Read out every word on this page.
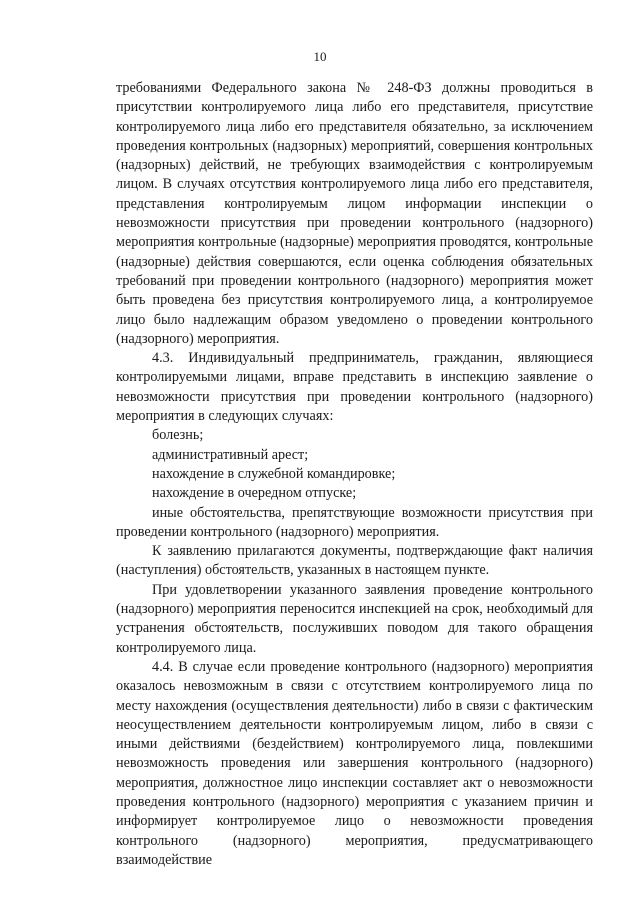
10

требованиями Федерального закона № 248-ФЗ должны проводиться в присутствии контролируемого лица либо его представителя, присутствие контролируемого лица либо его представителя обязательно, за исключением проведения контрольных (надзорных) мероприятий, совершения контрольных (надзорных) действий, не требующих взаимодействия с контролируемым лицом. В случаях отсутствия контролируемого лица либо его представителя, представления контролируемым лицом информации инспекции о невозможности присутствия при проведении контрольного (надзорного) мероприятия контрольные (надзорные) мероприятия проводятся, контрольные (надзорные) действия совершаются, если оценка соблюдения обязательных требований при проведении контрольного (надзорного) мероприятия может быть проведена без присутствия контролируемого лица, а контролируемое лицо было надлежащим образом уведомлено о проведении контрольного (надзорного) мероприятия.

4.3. Индивидуальный предприниматель, гражданин, являющиеся контролируемыми лицами, вправе представить в инспекцию заявление о невозможности присутствия при проведении контрольного (надзорного) мероприятия в следующих случаях:

болезнь;

административный арест;

нахождение в служебной командировке;

нахождение в очередном отпуске;

иные обстоятельства, препятствующие возможности присутствия при проведении контрольного (надзорного) мероприятия.

К заявлению прилагаются документы, подтверждающие факт наличия (наступления) обстоятельств, указанных в настоящем пункте.

При удовлетворении указанного заявления проведение контрольного (надзорного) мероприятия переносится инспекцией на срок, необходимый для устранения обстоятельств, послуживших поводом для такого обращения контролируемого лица.

4.4. В случае если проведение контрольного (надзорного) мероприятия оказалось невозможным в связи с отсутствием контролируемого лица по месту нахождения (осуществления деятельности) либо в связи с фактическим неосуществлением деятельности контролируемым лицом, либо в связи с иными действиями (бездействием) контролируемого лица, повлекшими невозможность проведения или завершения контрольного (надзорного) мероприятия, должностное лицо инспекции составляет акт о невозможности проведения контрольного (надзорного) мероприятия с указанием причин и информирует контролируемое лицо о невозможности проведения контрольного (надзорного) мероприятия, предусматривающего взаимодействие
